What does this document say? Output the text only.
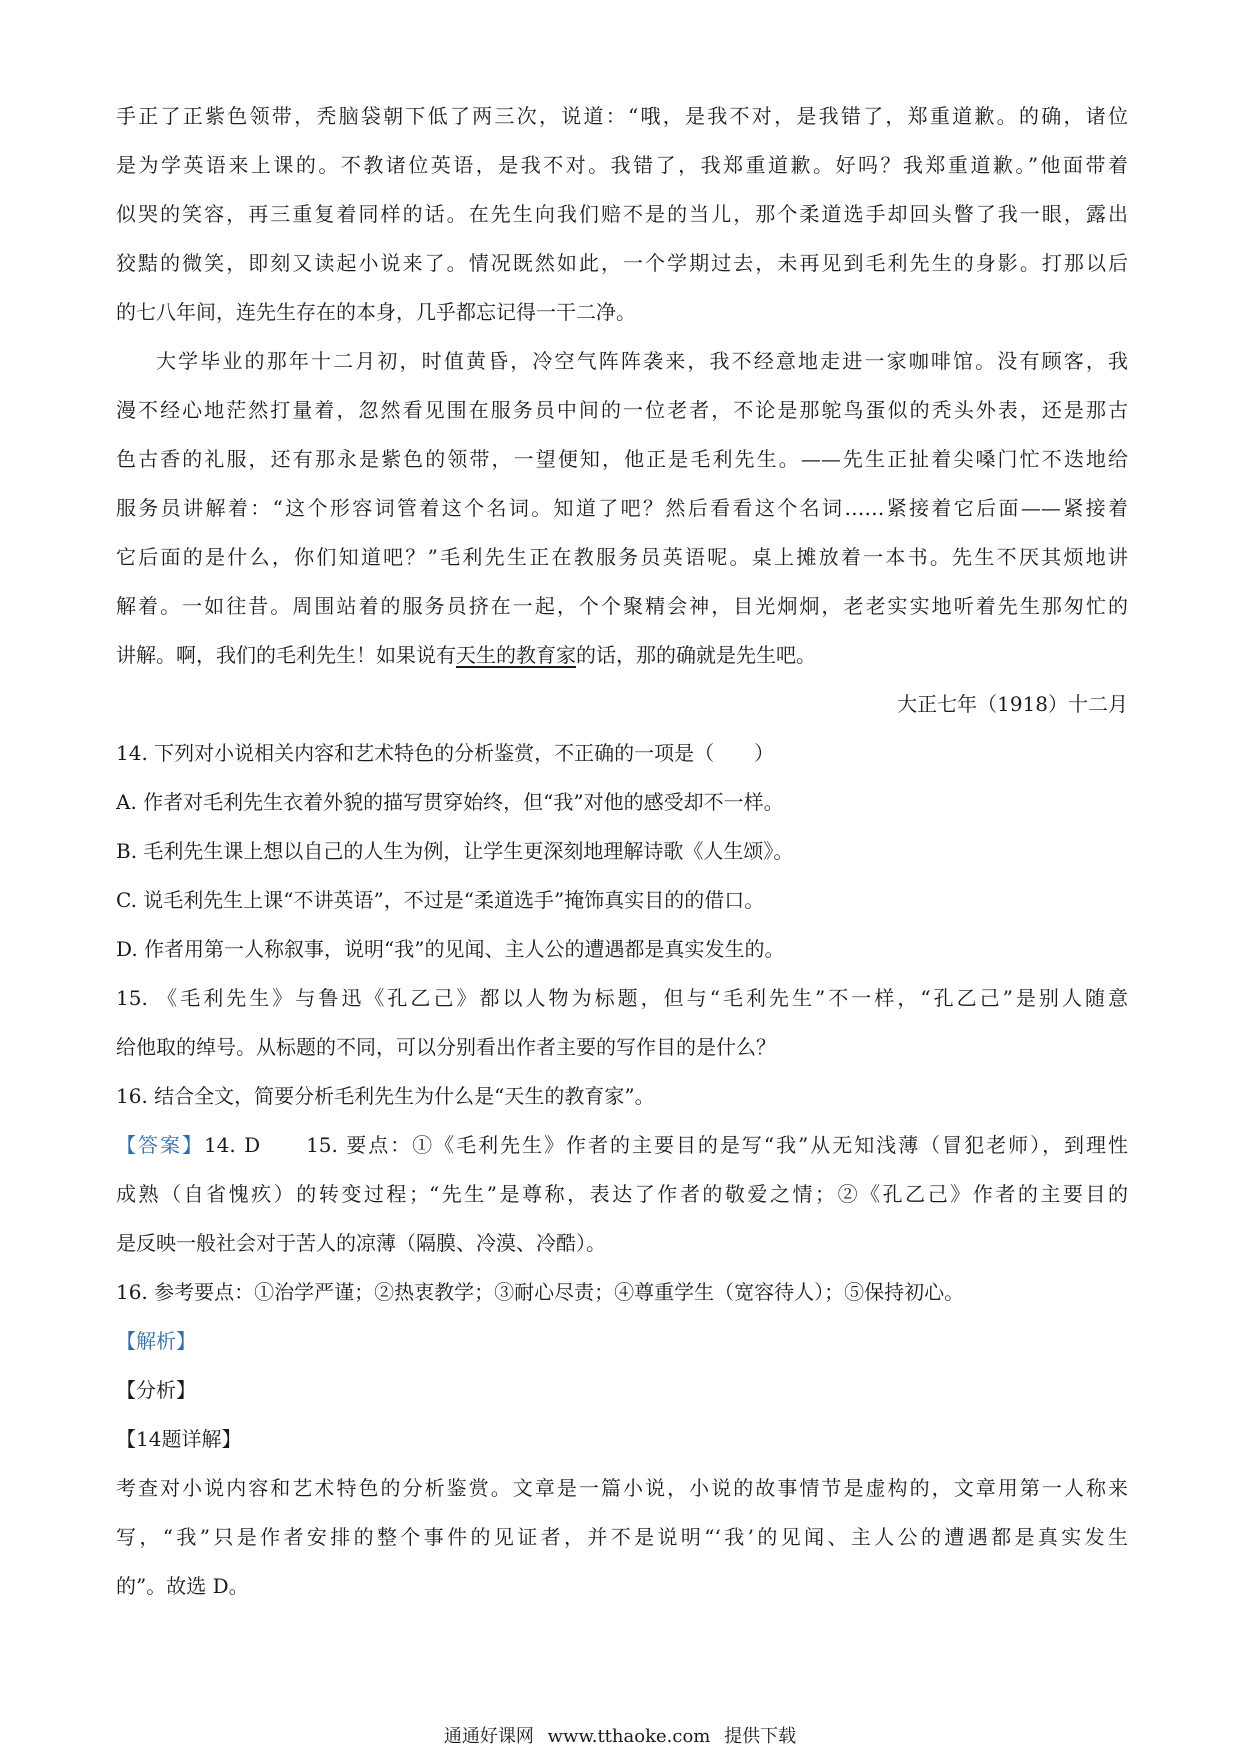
手正了正紫色领带，秃脑袋朝下低了两三次，说道：“哦，是我不对，是我错了，郑重道歉。的确，诸位
是为学英语来上课的。不教诸位英语，是我不对。我错了，我郑重道歉。好吗？我郑重道歉。”他面带着
似哭的笑容，再三重复着同样的话。在先生向我们赔不是的当儿，那个柔道选手却回头瞥了我一眼，露出
狡黠的微笑，即刻又读起小说来了。情况既然如此，一个学期过去，未再见到毛利先生的身影。打那以后
的七八年间，连先生存在的本身，几乎都忘记得一干二净。
大学毕业的那年十二月初，时值黄昏，冷空气阵阵袭来，我不经意地走进一家咖啡馆。没有顾客，我
漫不经心地茫然打量着，忽然看见围在服务员中间的一位老者，不论是那鸵鸟蛋似的秃头外表，还是那古
色古香的礼服，还有那永是紫色的领带，一望便知，他正是毛利先生。——先生正扯着尖嗓门忙不迭地给
服务员讲解着：“这个形容词管着这个名词。知道了吧？然后看看这个名词……紧接着它后面——紧接着
它后面的是什么，你们知道吧？”毛利先生正在教服务员英语呢。桌上摊放着一本书。先生不厌其烦地讲
解着。一如往昔。周围站着的服务员挤在一起，个个聚精会神，目光炯炯，老老实实地听着先生那匆忙的
讲解。啊，我们的毛利先生！如果说有天生的教育家的话，那的确就是先生吧。
大正七年（1918）十二月
14. 下列对小说相关内容和艺术特色的分析鉴赏，不正确的一项是（　　）
A. 作者对毛利先生衣着外貌的描写贯穿始终，但“我”对他的感受却不一样。
B. 毛利先生课上想以自己的人生为例，让学生更深刻地理解诗歌《人生颂》。
C. 说毛利先生上课“不讲英语”，不过是“柔道选手”掩饰真实目的的借口。
D. 作者用第一人称叙事，说明“我”的见闻、主人公的遭遇都是真实发生的。
15. 《毛利先生》与鲁迅《孔乙己》都以人物为标题，但与“毛利先生”不一样，“孔乙己”是别人随意
给他取的绰号。从标题的不同，可以分别看出作者主要的写作目的是什么？
16. 结合全文，简要分析毛利先生为什么是“天生的教育家”。
【答案】14. D　　15. 要点：①《毛利先生》作者的主要目的是写“我”从无知浅薄（冒犯老师），到理性
成熟（自省愧疚）的转变过程；“先生”是尊称，表达了作者的敬爱之情；②《孔乙己》作者的主要目的
是反映一般社会对于苦人的凉薄（隔膜、冷漠、冷酷）。
16. 参考要点：①治学严谨；②热衷教学；③耐心尽责；④尊重学生（宽容待人）；⑤保持初心。
【解析】
【分析】
【14题详解】
考查对小说内容和艺术特色的分析鉴赏。文章是一篇小说，小说的故事情节是虚构的，文章用第一人称来
写，“我”只是作者安排的整个事件的见证者，并不是说明“‘我’的见闻、主人公的遭遇都是真实发生
的”。故选 D。
通通好课网 www.tthaoke.com 提供下载
